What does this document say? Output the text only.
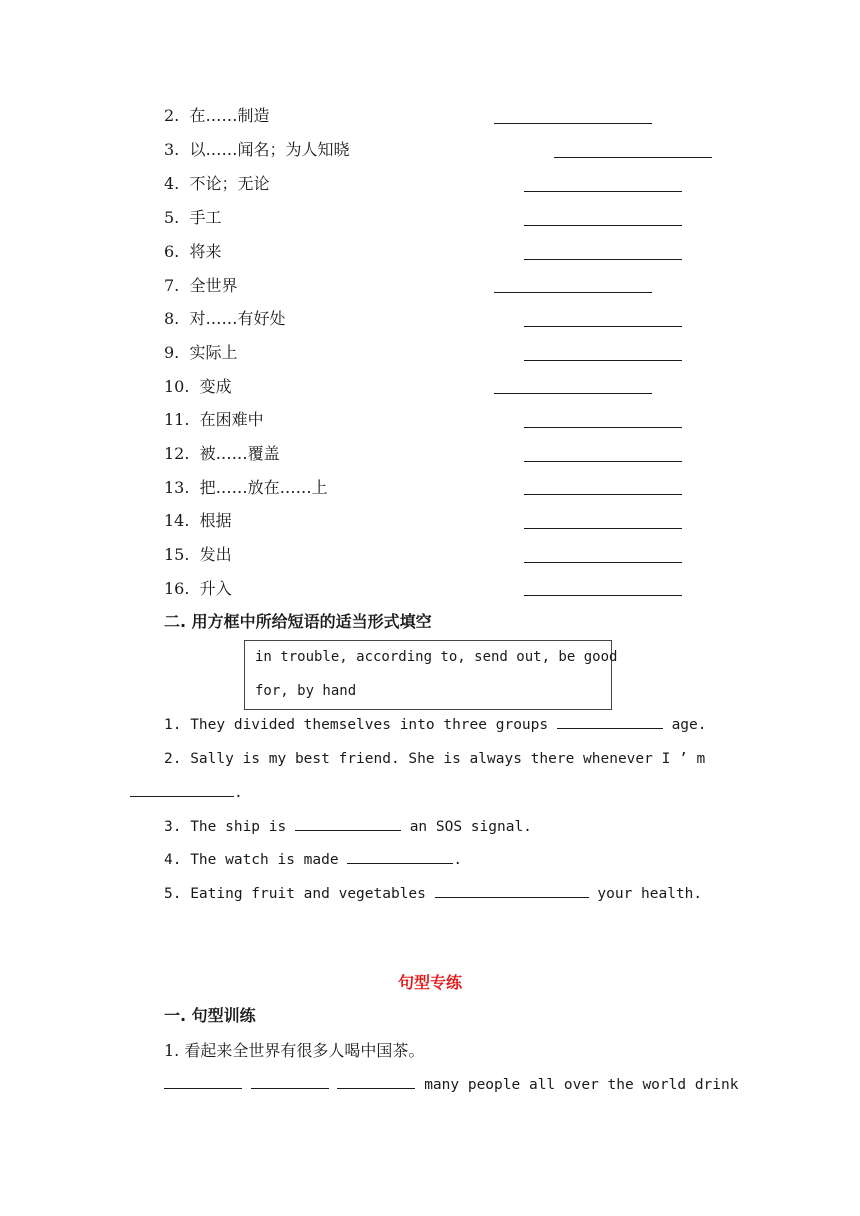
2. 在……制造
3. 以……闻名；为人知晓
4. 不论；无论
5. 手工
6. 将来
7. 全世界
8. 对……有好处
9. 实际上
10. 变成
11. 在困难中
12. 被……覆盖
13. 把……放在……上
14. 根据
15. 发出
16. 升入
二. 用方框中所给短语的适当形式填空
in trouble, according to, send out, be good
for, by hand
1. They divided themselves into three groups	age.
2. Sally is my best friend. She is always there whenever I ’ m
.
3. The ship is	an SOS signal.
4. The watch is made	.
5. Eating fruit and vegetables	your health.
句型专练
一. 句型训练
1. 看起来全世界有很多人喝中国茶。
many people all over the world drink
